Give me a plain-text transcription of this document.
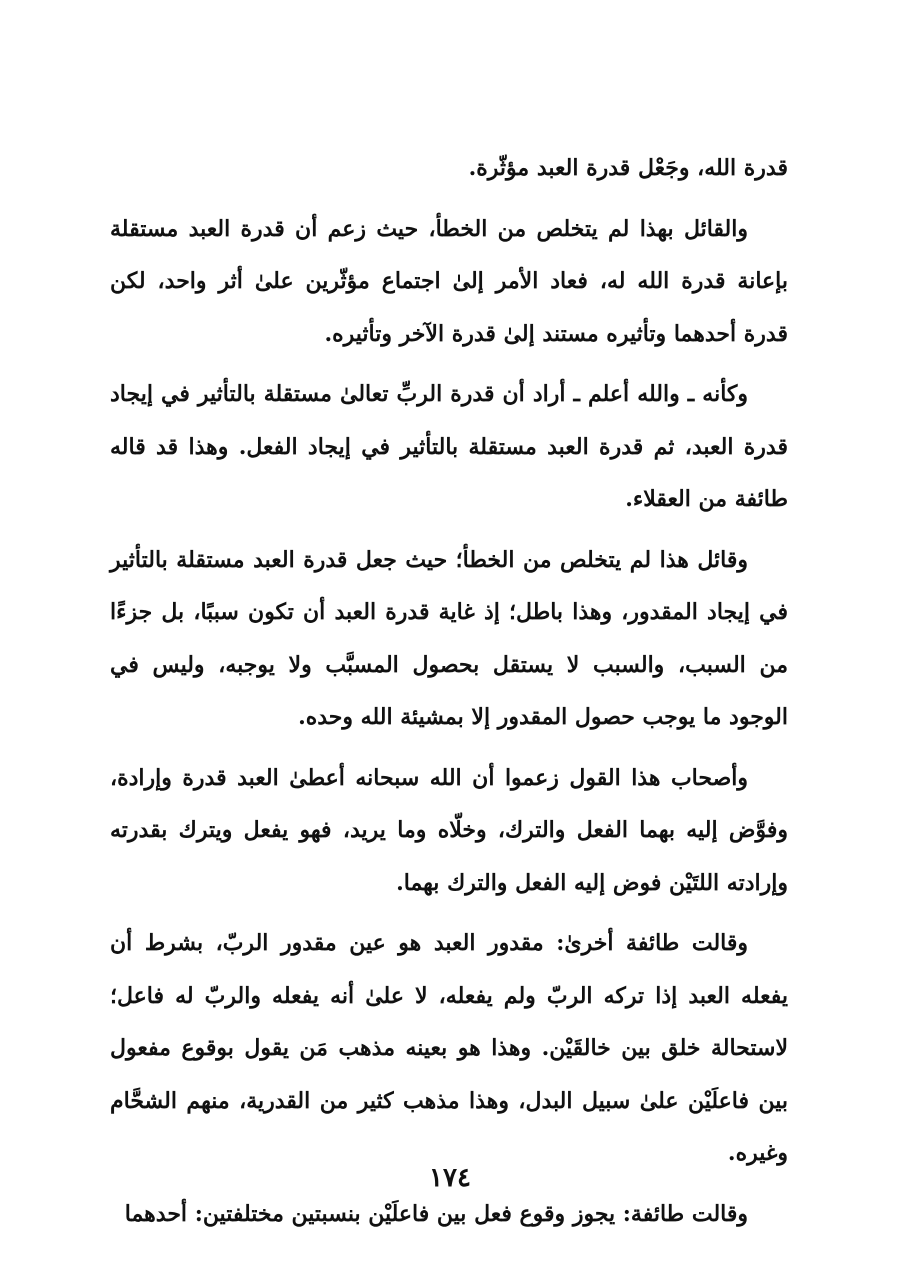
قدرة الله، وجَعْل قدرة العبد مؤثّرة.

والقائل بهذا لم يتخلص من الخطأ، حيث زعم أن قدرة العبد مستقلة بإعانة قدرة الله له، فعاد الأمر إلىٰ اجتماع مؤثّرين علىٰ أثر واحد، لكن قدرة أحدهما وتأثيره مستند إلىٰ قدرة الآخر وتأثيره.

وكأنه ـ والله أعلم ـ أراد أن قدرة الربِّ تعالىٰ مستقلة بالتأثير في إيجاد قدرة العبد، ثم قدرة العبد مستقلة بالتأثير في إيجاد الفعل. وهذا قد قاله طائفة من العقلاء.

وقائل هذا لم يتخلص من الخطأ؛ حيث جعل قدرة العبد مستقلة بالتأثير في إيجاد المقدور، وهذا باطل؛ إذ غاية قدرة العبد أن تكون سببًا، بل جزءًا من السبب، والسبب لا يستقل بحصول المسبَّب ولا يوجبه، وليس في الوجود ما يوجب حصول المقدور إلا بمشيئة الله وحده.

وأصحاب هذا القول زعموا أن الله سبحانه أعطىٰ العبد قدرة وإرادة، وفوَّض إليه بهما الفعل والترك، وخلّاه وما يريد، فهو يفعل ويترك بقدرته وإرادته اللتَيْن فوض إليه الفعل والترك بهما.

وقالت طائفة أخرىٰ: مقدور العبد هو عين مقدور الربّ، بشرط أن يفعله العبد إذا تركه الربّ ولم يفعله، لا علىٰ أنه يفعله والربّ له فاعل؛ لاستحالة خلق بين خالقَيْن. وهذا هو بعينه مذهب مَن يقول بوقوع مفعول بين فاعلَيْن علىٰ سبيل البدل، وهذا مذهب كثير من القدرية، منهم الشحَّام وغيره.

وقالت طائفة: يجوز وقوع فعل بين فاعلَيْن بنسبتين مختلفتين: أحدهما

١٧٤
